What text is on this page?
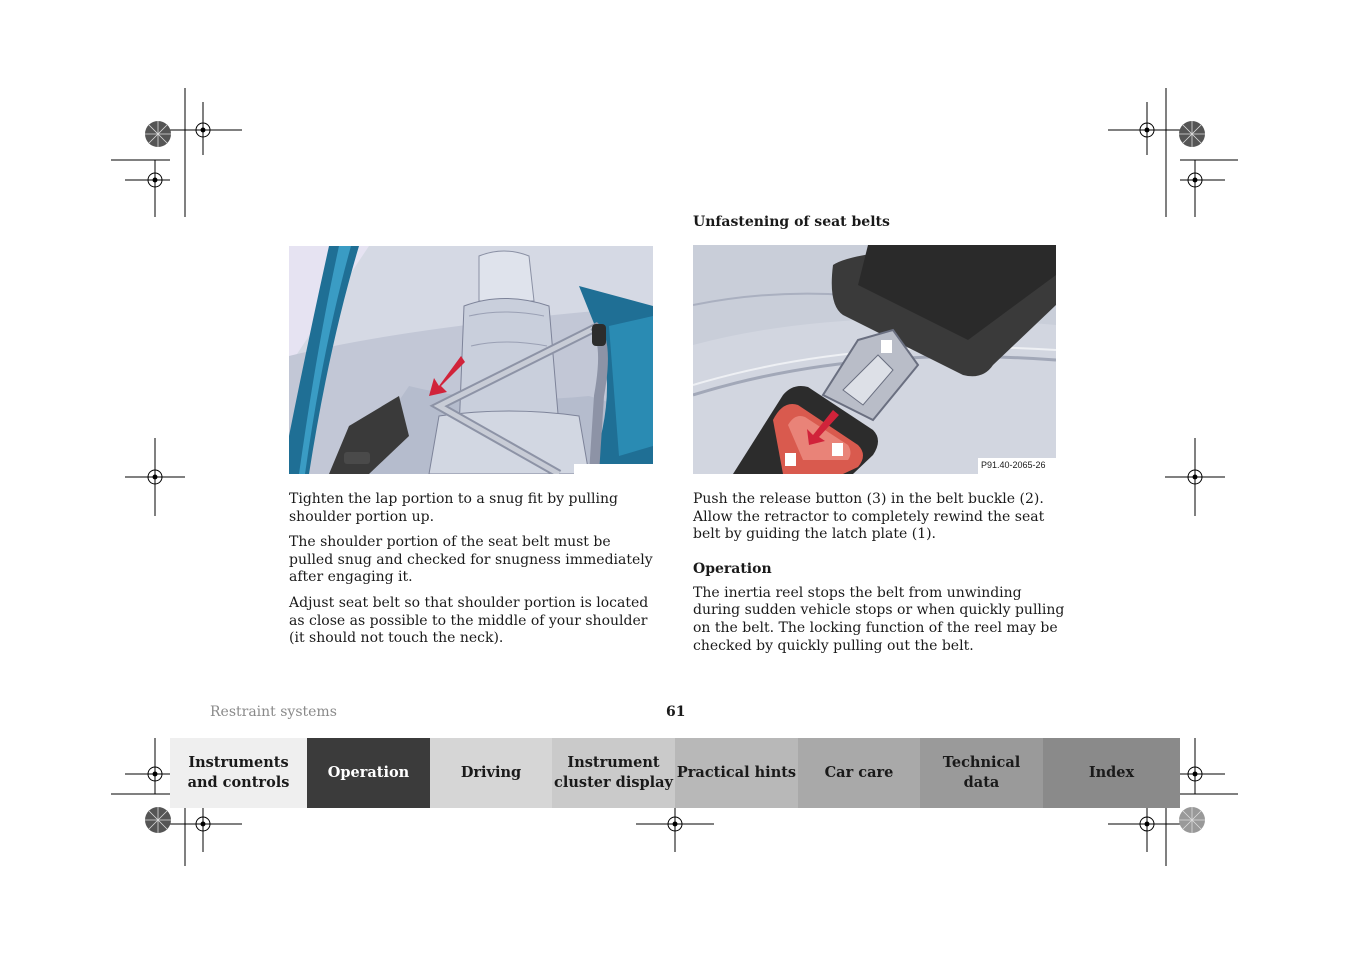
Tighten the lap portion to a snug fit by pulling shoulder portion up.

The shoulder portion of the seat belt must be pulled snug and checked for snugness immediately after engaging it.

Adjust seat belt so that shoulder portion is located as close as possible to the middle of your shoulder (it should not touch the neck).

Unfastening of seat belts

P91.40-2065-26

Push the release button (3) in the belt buckle (2). Allow the retractor to completely rewind the seat belt by guiding the latch plate (1).

Operation

The inertia reel stops the belt from unwinding during sudden vehicle stops or when quickly pulling on the belt. The locking function of the reel may be checked by quickly pulling out the belt.

Restraint systems	61
Instruments
and controls
Operation	Driving
Instrument
cluster display
Practical hints Car care
Technical
data
Index
